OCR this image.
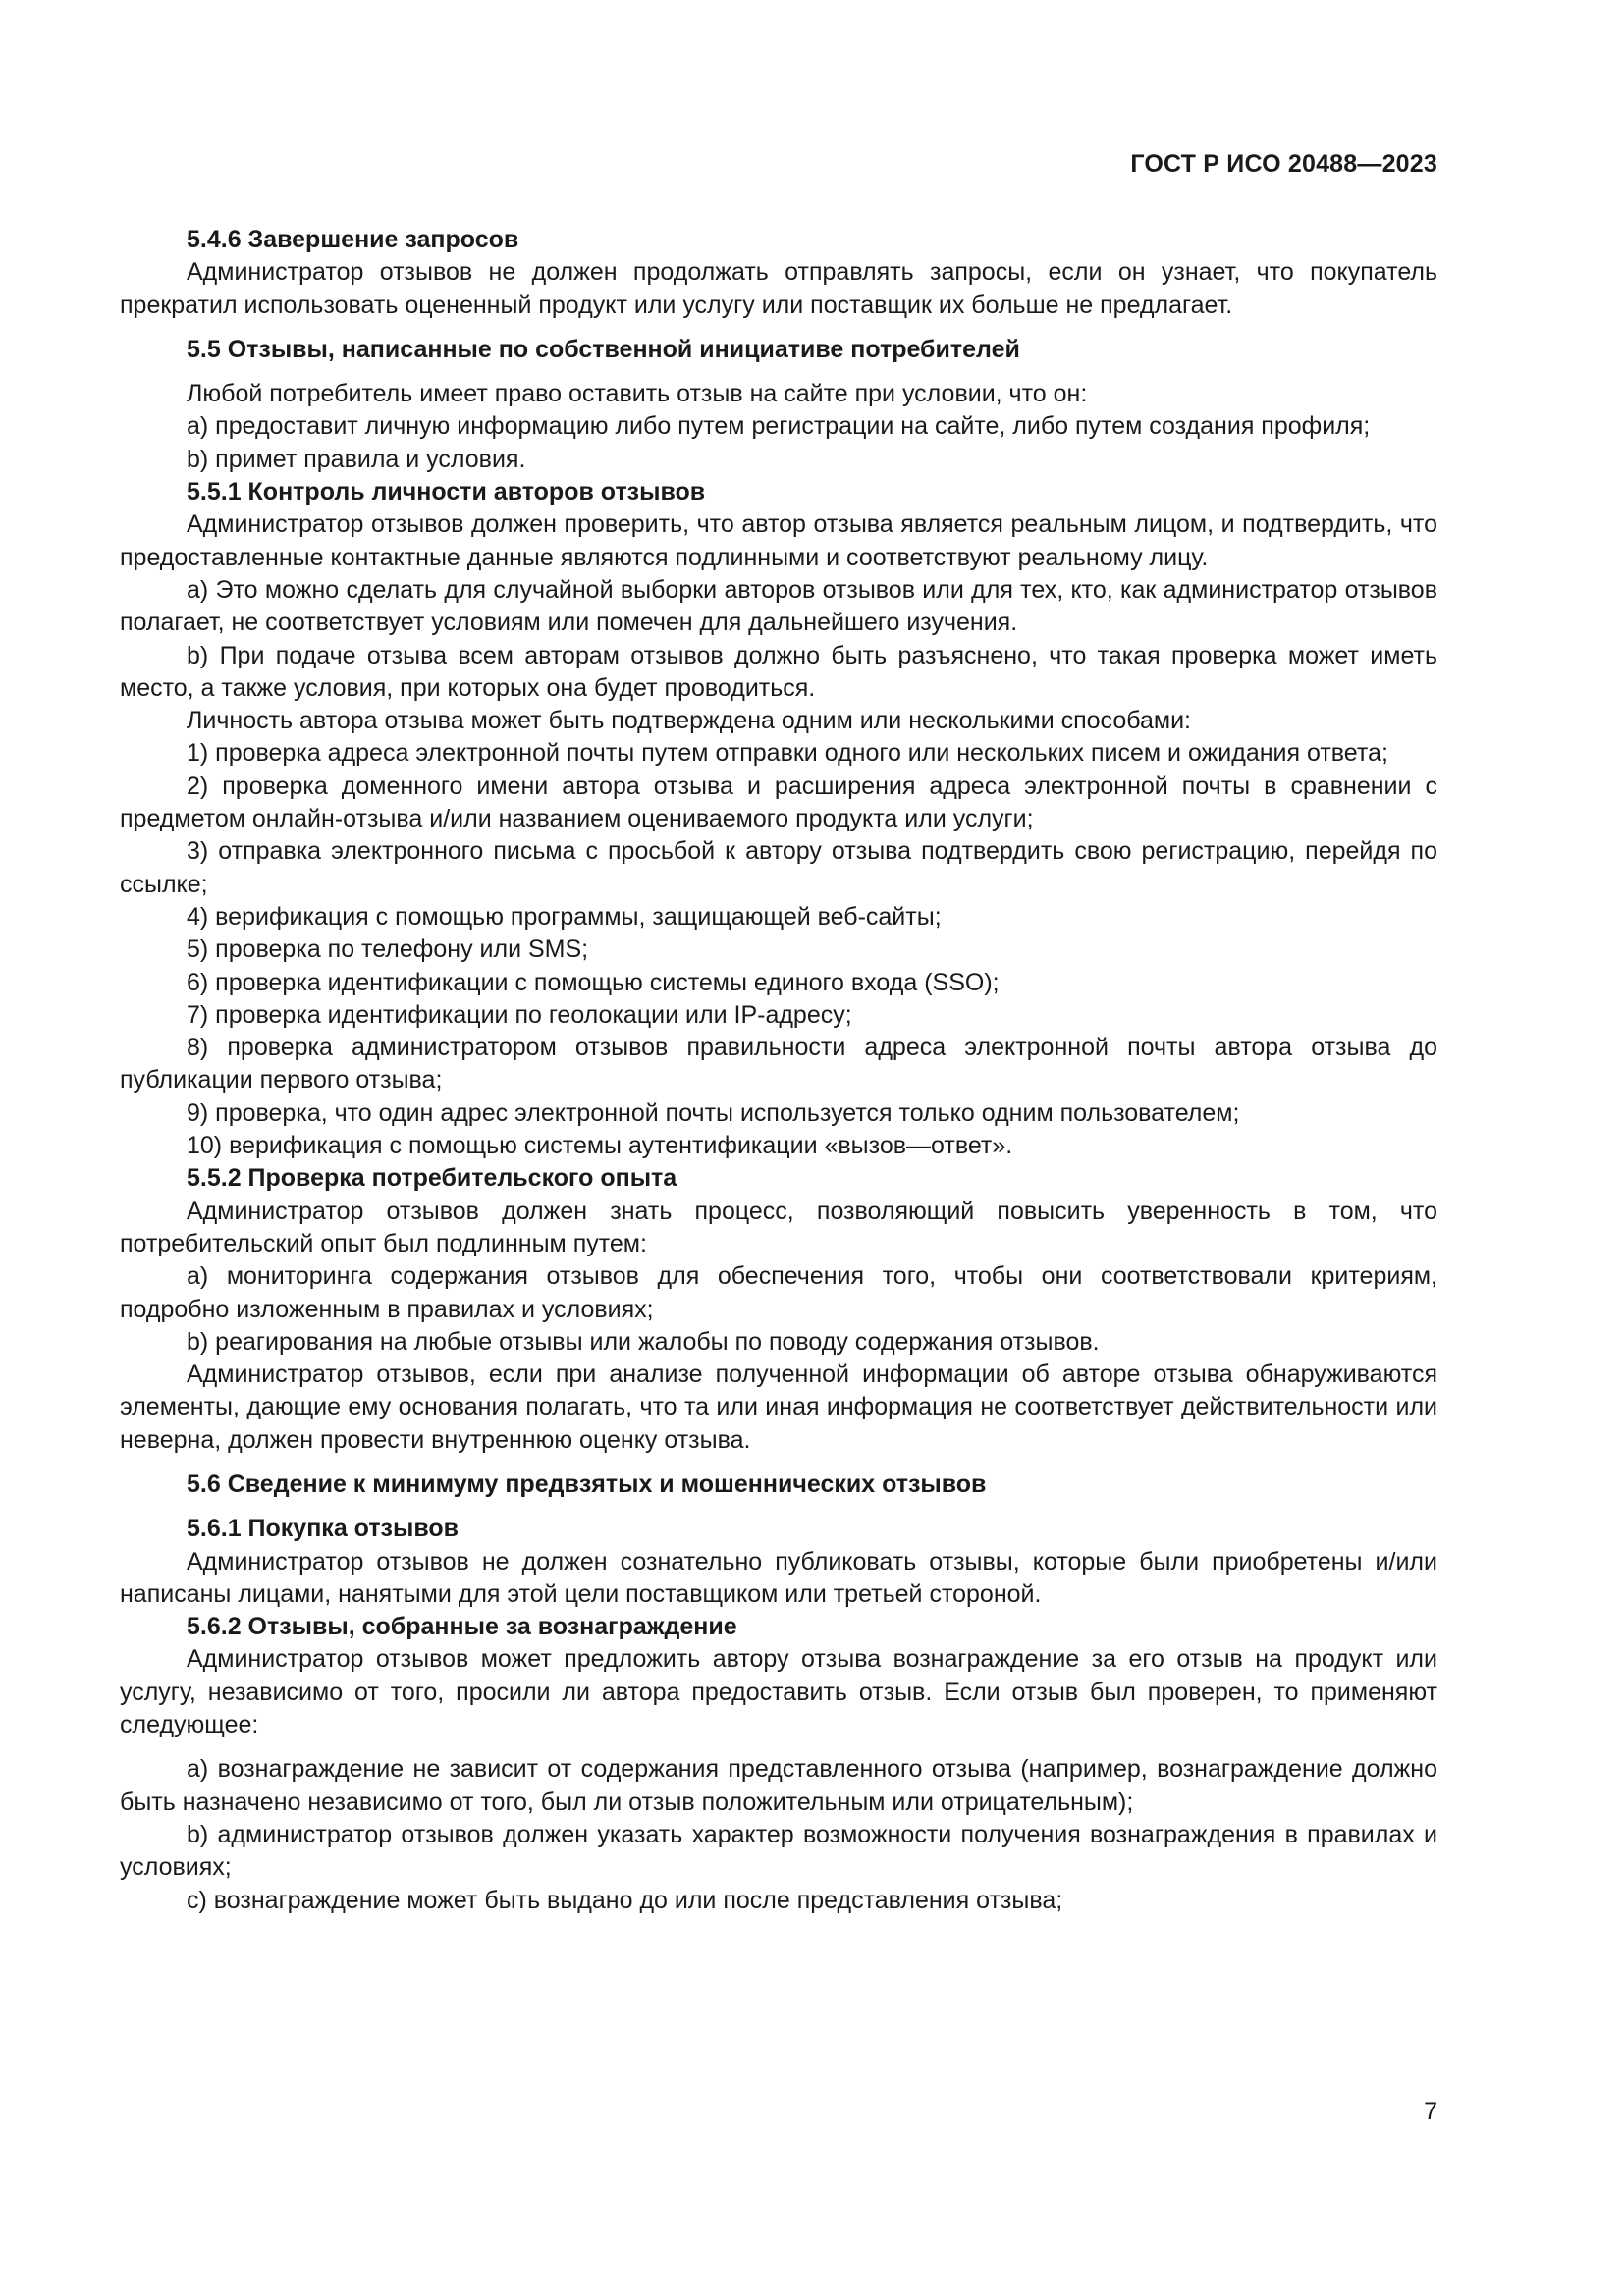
ГОСТ Р ИСО 20488—2023

5.4.6 Завершение запросов

Администратор отзывов не должен продолжать отправлять запросы, если он узнает, что покупатель прекратил использовать оцененный продукт или услугу или поставщик их больше не предлагает.

5.5 Отзывы, написанные по собственной инициативе потребителей

Любой потребитель имеет право оставить отзыв на сайте при условии, что он:

a) предоставит личную информацию либо путем регистрации на сайте, либо путем создания профиля;

b) примет правила и условия.

5.5.1 Контроль личности авторов отзывов

Администратор отзывов должен проверить, что автор отзыва является реальным лицом, и подтвердить, что предоставленные контактные данные являются подлинными и соответствуют реальному лицу.

a) Это можно сделать для случайной выборки авторов отзывов или для тех, кто, как администратор отзывов полагает, не соответствует условиям или помечен для дальнейшего изучения.

b) При подаче отзыва всем авторам отзывов должно быть разъяснено, что такая проверка может иметь место, а также условия, при которых она будет проводиться.

Личность автора отзыва может быть подтверждена одним или несколькими способами:

1) проверка адреса электронной почты путем отправки одного или нескольких писем и ожидания ответа;

2) проверка доменного имени автора отзыва и расширения адреса электронной почты в сравнении с предметом онлайн-отзыва и/или названием оцениваемого продукта или услуги;

3) отправка электронного письма с просьбой к автору отзыва подтвердить свою регистрацию, перейдя по ссылке;

4) верификация с помощью программы, защищающей веб-сайты;

5) проверка по телефону или SMS;

6) проверка идентификации с помощью системы единого входа (SSO);

7) проверка идентификации по геолокации или IP-адресу;

8) проверка администратором отзывов правильности адреса электронной почты автора отзыва до публикации первого отзыва;

9) проверка, что один адрес электронной почты используется только одним пользователем;

10) верификация с помощью системы аутентификации «вызов—ответ».

5.5.2 Проверка потребительского опыта

Администратор отзывов должен знать процесс, позволяющий повысить уверенность в том, что потребительский опыт был подлинным путем:

a) мониторинга содержания отзывов для обеспечения того, чтобы они соответствовали критериям, подробно изложенным в правилах и условиях;

b) реагирования на любые отзывы или жалобы по поводу содержания отзывов.

Администратор отзывов, если при анализе полученной информации об авторе отзыва обнаруживаются элементы, дающие ему основания полагать, что та или иная информация не соответствует действительности или неверна, должен провести внутреннюю оценку отзыва.

5.6 Сведение к минимуму предвзятых и мошеннических отзывов

5.6.1 Покупка отзывов

Администратор отзывов не должен сознательно публиковать отзывы, которые были приобретены и/или написаны лицами, нанятыми для этой цели поставщиком или третьей стороной.

5.6.2 Отзывы, собранные за вознаграждение

Администратор отзывов может предложить автору отзыва вознаграждение за его отзыв на продукт или услугу, независимо от того, просили ли автора предоставить отзыв. Если отзыв был проверен, то применяют следующее:

a) вознаграждение не зависит от содержания представленного отзыва (например, вознаграждение должно быть назначено независимо от того, был ли отзыв положительным или отрицательным);

b) администратор отзывов должен указать характер возможности получения вознаграждения в правилах и условиях;

c) вознаграждение может быть выдано до или после представления отзыва;

7
